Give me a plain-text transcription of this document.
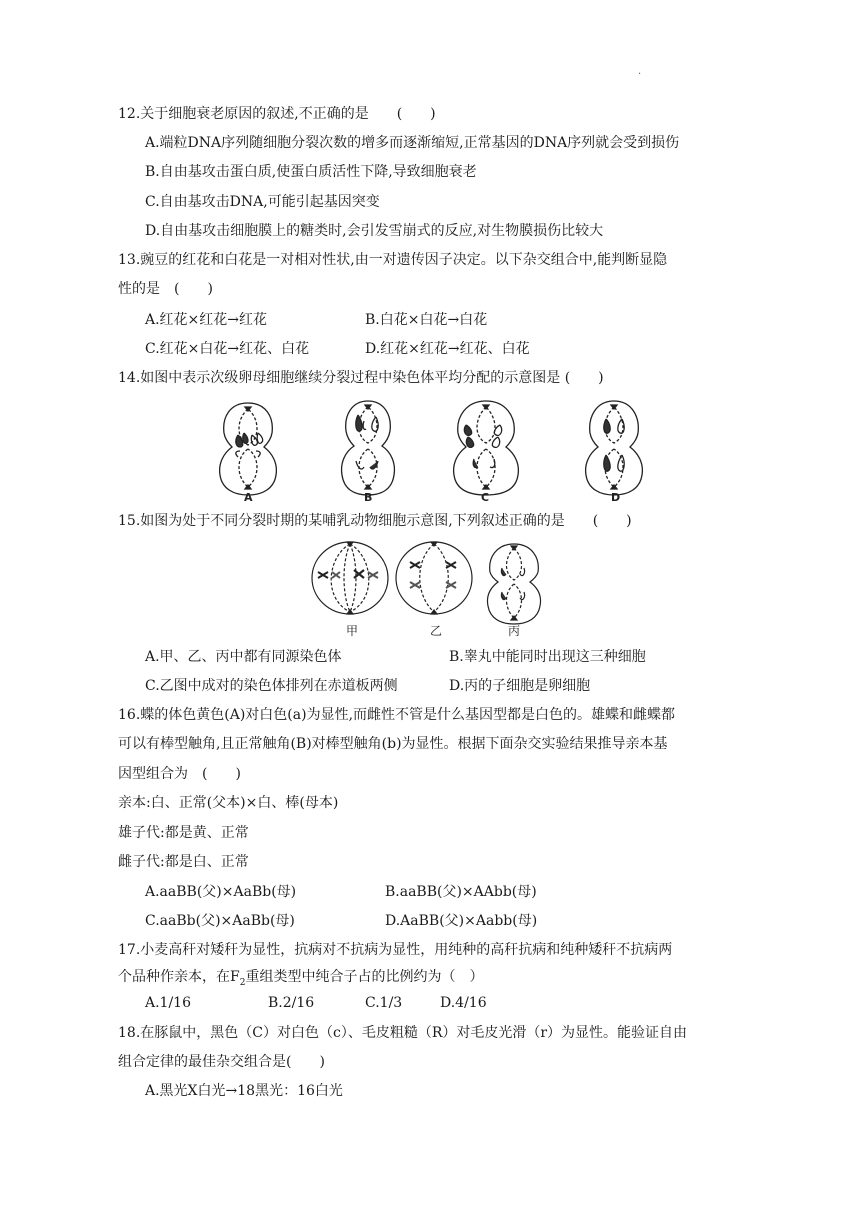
.
12.关于细胞衰老原因的叙述,不正确的是　　(　　)
A.端粒DNA序列随细胞分裂次数的增多而逐渐缩短,正常基因的DNA序列就会受到损伤
B.自由基攻击蛋白质,使蛋白质活性下降,导致细胞衰老
C.自由基攻击DNA,可能引起基因突变
D.自由基攻击细胞膜上的糖类时,会引发雪崩式的反应,对生物膜损伤比较大
13.豌豆的红花和白花是一对相对性状,由一对遗传因子决定。以下杂交组合中,能判断显隐
性的是　(　　)
A.红花×红花→红花	B.白花×白花→白花
C.红花×白花→红花、白花	D.红花×红花→红花、白花
14.如图中表示次级卵母细胞继续分裂过程中染色体平均分配的示意图是 (　　)
A	B	C	D
15.如图为处于不同分裂时期的某哺乳动物细胞示意图,下列叙述正确的是　　(　　)
甲	乙	丙
A.甲、乙、丙中都有同源染色体	B.睾丸中能同时出现这三种细胞
C.乙图中成对的染色体排列在赤道板两侧	D.丙的子细胞是卵细胞
16.蝶的体色黄色(A)对白色(a)为显性,而雌性不管是什么基因型都是白色的。雄蝶和雌蝶都
可以有棒型触角,且正常触角(B)对棒型触角(b)为显性。根据下面杂交实验结果推导亲本基
因型组合为　(　　)
亲本:白、正常(父本)×白、棒(母本)
雄子代:都是黄、正常
雌子代:都是白、正常
A.aaBB(父)×AaBb(母)	B.aaBB(父)×AAbb(母)
C.aaBb(父)×AaBb(母)	D.AaBB(父)×Aabb(母)
17.小麦高秆对矮秆为显性，抗病对不抗病为显性，用纯种的高秆抗病和纯种矮秆不抗病两
个品种作亲本，在$F_2$重组类型中纯合子占的比例约为（　）
A.1/16	B.2/16	C.1/3	D.4/16
18.在豚鼠中，黑色（C）对白色（c）、毛皮粗糙（R）对毛皮光滑（r）为显性。能验证自由
组合定律的最佳杂交组合是(　　)
A.黑光X白光→18黑光：16白光
